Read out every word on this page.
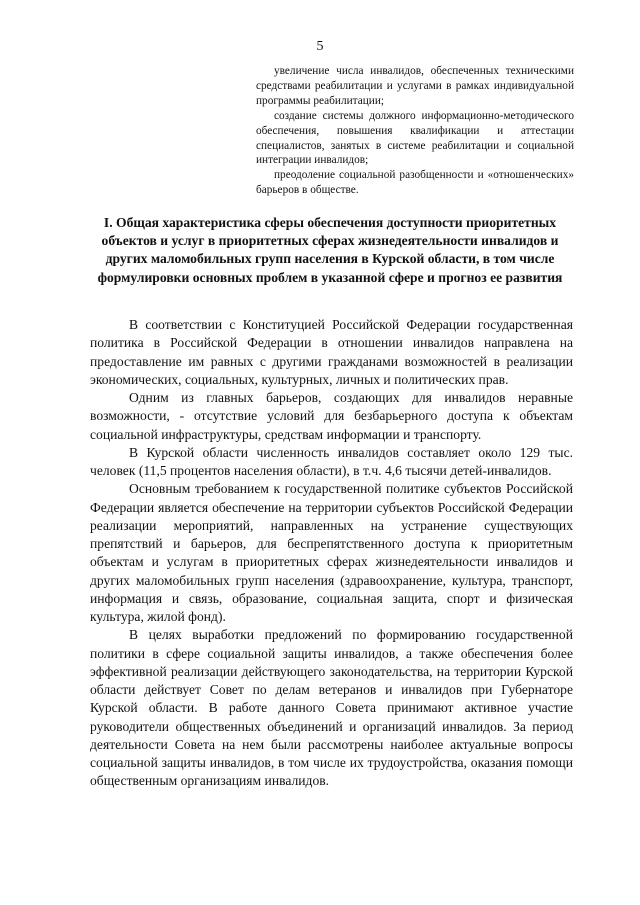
5

увеличение числа инвалидов, обеспеченных техническими средствами реабилитации и услугами в рамках индивидуальной программы реабилитации;

создание системы должного информационно-методического обеспечения, повышения квалификации и аттестации специалистов, занятых в системе реабилитации и социальной интеграции инвалидов;

преодоление социальной разобщенности и «отношенческих» барьеров в обществе.

I. Общая характеристика сферы обеспечения доступности приоритетных объектов и услуг в приоритетных сферах жизнедеятельности инвалидов и других маломобильных групп населения в Курской области, в том числе формулировки основных проблем в указанной сфере и прогноз ее развития

В соответствии с Конституцией Российской Федерации государственная политика в Российской Федерации в отношении инвалидов направлена на предоставление им равных с другими гражданами возможностей в реализации экономических, социальных, культурных, личных и политических прав.

Одним из главных барьеров, создающих для инвалидов неравные возможности, - отсутствие условий для безбарьерного доступа к объектам социальной инфраструктуры, средствам информации и транспорту.

В Курской области численность инвалидов составляет около 129 тыс. человек (11,5 процентов населения области), в т.ч. 4,6 тысячи детей-инвалидов.

Основным требованием к государственной политике субъектов Российской Федерации является обеспечение на территории субъектов Российской Федерации реализации мероприятий, направленных на устранение существующих препятствий и барьеров, для беспрепятственного доступа к приоритетным объектам и услугам в приоритетных сферах жизнедеятельности инвалидов и других маломобильных групп населения (здравоохранение, культура, транспорт, информация и связь, образование, социальная защита, спорт и физическая культура, жилой фонд).

В целях выработки предложений по формированию государственной политики в сфере социальной защиты инвалидов, а также обеспечения более эффективной реализации действующего законодательства, на территории Курской области действует Совет по делам ветеранов и инвалидов при Губернаторе Курской области. В работе данного Совета принимают активное участие руководители общественных объединений и организаций инвалидов. За период деятельности Совета на нем были рассмотрены наиболее актуальные вопросы социальной защиты инвалидов, в том числе их трудоустройства, оказания помощи общественным организациям инвалидов.
